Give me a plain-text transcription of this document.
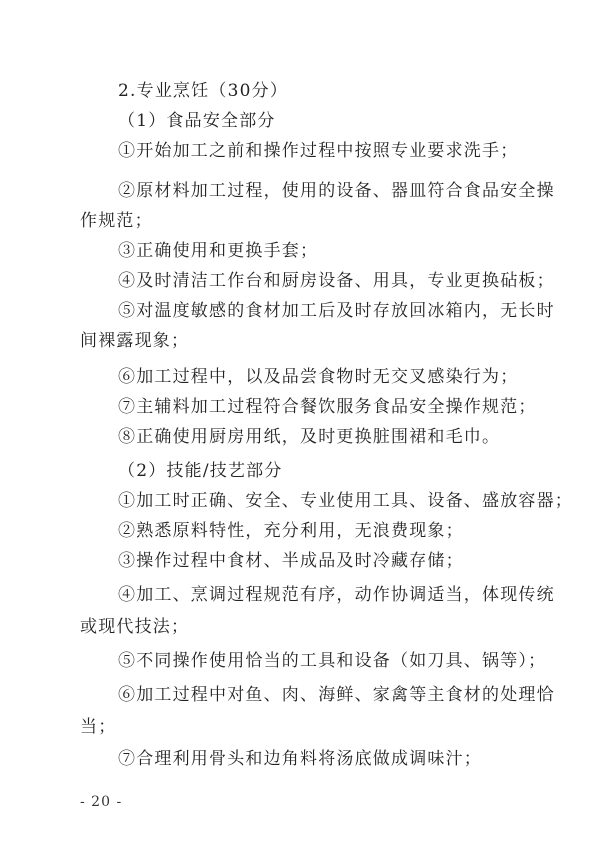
2.专业烹饪（30分）
（1）食品安全部分
①开始加工之前和操作过程中按照专业要求洗手；
②原材料加工过程，使用的设备、器皿符合食品安全操
作规范；
③正确使用和更换手套；
④及时清洁工作台和厨房设备、用具，专业更换砧板；
⑤对温度敏感的食材加工后及时存放回冰箱内，无长时
间裸露现象；
⑥加工过程中，以及品尝食物时无交叉感染行为；
⑦主辅料加工过程符合餐饮服务食品安全操作规范；
⑧正确使用厨房用纸，及时更换脏围裙和毛巾。
（2）技能/技艺部分
①加工时正确、安全、专业使用工具、设备、盛放容器；
②熟悉原料特性，充分利用，无浪费现象；
③操作过程中食材、半成品及时冷藏存储；
④加工、烹调过程规范有序，动作协调适当，体现传统
或现代技法；
⑤不同操作使用恰当的工具和设备（如刀具、锅等）；
⑥加工过程中对鱼、肉、海鲜、家禽等主食材的处理恰
当；
⑦合理利用骨头和边角料将汤底做成调味汁；
- 20 -
